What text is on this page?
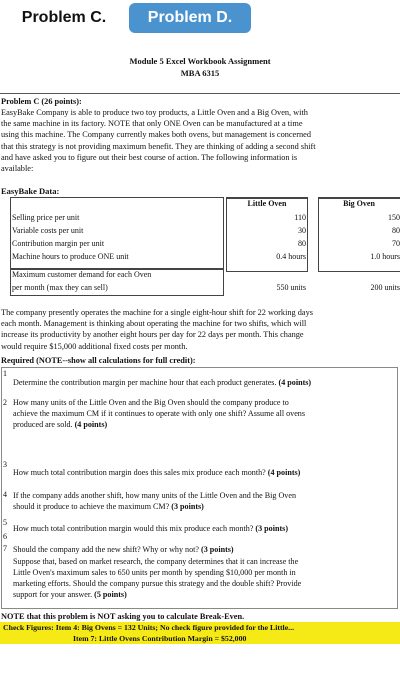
Problem C.	Problem D.
Module 5 Excel Workbook Assignment
MBA 6315
Problem C (26 points):
EasyBake Company is able to produce two toy products, a Little Oven and a Big Oven, with
the same machine in its factory. NOTE that only ONE Oven can be manufactured at a time
using this machine. The Company currently makes both ovens, but management is concerned
that this strategy is not providing maximum benefit. They are thinking of adding a second shift
and have asked you to figure out their best course of action. The following information is
available:
EasyBake Data:
Little Oven	Big Oven
Selling price per unit	110	150
Variable costs per unit	30	80
Contribution margin per unit	80	70
Machine hours to produce ONE unit	0.4 hours	1.0 hours
Maximum customer demand for each Oven
per month (max they can sell)	550 units	200 units
The company presently operates the machine for a single eight-hour shift for 22 working days
each month. Management is thinking about operating the machine for two shifts, which will
increase its productivity by another eight hours per day for 22 days per month. This change
would require $15,000 additional fixed costs per month.
Required (NOTE--show all calculations for full credit):
1
Determine the contribution margin per machine hour that each product generates. (4 points)
2 How many units of the Little Oven and the Big Oven should the company produce to
achieve the maximum CM if it continues to operate with only one shift? Assume all ovens
produced are sold. (4 points)
3
How much total contribution margin does this sales mix produce each month? (4 points)
4 If the company adds another shift, how many units of the Little Oven and the Big Oven
should it produce to achieve the maximum CM? (3 points)
5
How much total contribution margin would this mix produce each month? (3 points)
6
7 Should the company add the new shift? Why or why not? (3 points)
Suppose that, based on market research, the company determines that it can increase the
Little Oven's maximum sales to 650 units per month by spending $10,000 per month in
marketing efforts. Should the company pursue this strategy and the double shift? Provide
support for your answer. (5 points)
NOTE that this problem is NOT asking you to calculate Break-Even.
Check Figures: Item 4: Big Ovens = 132 Units; No check figure provided for the Little...
Item 7: Little Ovens Contribution Margin = $52,000
